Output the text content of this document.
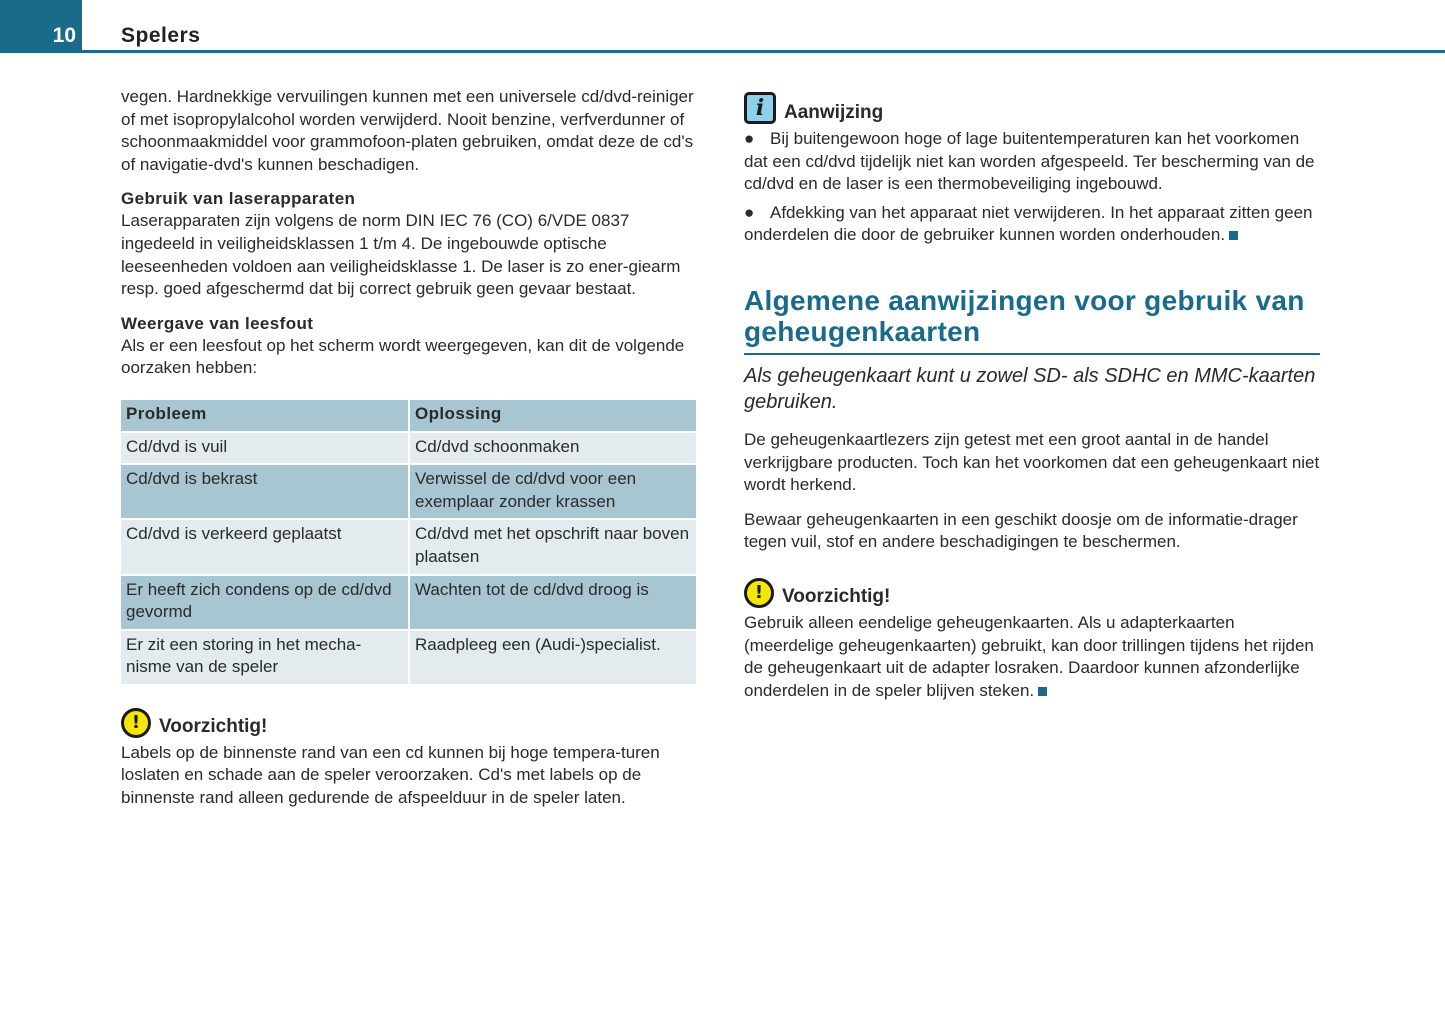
10 Spelers

vegen. Hardnekkige vervuilingen kunnen met een universele cd/dvd-reiniger of met isopropylalcohol worden verwijderd. Nooit benzine, verfverdunner of schoonmaakmiddel voor grammofoon-platen gebruiken, omdat deze de cd's of navigatie-dvd's kunnen beschadigen.

Gebruik van laserapparaten

Laserapparaten zijn volgens de norm DIN IEC 76 (CO) 6/VDE 0837 ingedeeld in veiligheidsklassen 1 t/m 4. De ingebouwde optische leeseenheden voldoen aan veiligheidsklasse 1. De laser is zo ener-giearm resp. goed afgeschermd dat bij correct gebruik geen gevaar bestaat.

Weergave van leesfout

Als er een leesfout op het scherm wordt weergegeven, kan dit de volgende oorzaken hebben:

Probleem	Oplossing
Cd/dvd is vuil	Cd/dvd schoonmaken
Cd/dvd is bekrast	Verwissel de cd/dvd voor een exemplaar zonder krassen
Cd/dvd is verkeerd geplaatst	Cd/dvd met het opschrift naar boven plaatsen
Er heeft zich condens op de cd/dvd gevormd	Wachten tot de cd/dvd droog is
Er zit een storing in het mecha-nisme van de speler	Raadpleeg een (Audi-)specialist.
! Voorzichtig!

Labels op de binnenste rand van een cd kunnen bij hoge tempera-turen loslaten en schade aan de speler veroorzaken. Cd's met labels op de binnenste rand alleen gedurende de afspeelduur in de speler laten.

i	Aanwijzing

● Bij buitengewoon hoge of lage buitentemperaturen kan het voorkomen dat een cd/dvd tijdelijk niet kan worden afgespeeld. Ter bescherming van de cd/dvd en de laser is een thermobeveiliging ingebouwd.

● Afdekking van het apparaat niet verwijderen. In het apparaat zitten geen onderdelen die door de gebruiker kunnen worden onderhouden.

Algemene aanwijzingen voor gebruik van geheugenkaarten

Als geheugenkaart kunt u zowel SD- als SDHC en MMC-kaarten gebruiken.

De geheugenkaartlezers zijn getest met een groot aantal in de handel verkrijgbare producten. Toch kan het voorkomen dat een geheugenkaart niet wordt herkend.

Bewaar geheugenkaarten in een geschikt doosje om de informatie-drager tegen vuil, stof en andere beschadigingen te beschermen.

! Voorzichtig!

Gebruik alleen eendelige geheugenkaarten. Als u adapterkaarten (meerdelige geheugenkaarten) gebruikt, kan door trillingen tijdens het rijden de geheugenkaart uit de adapter losraken. Daardoor kunnen afzonderlijke onderdelen in de speler blijven steken.
